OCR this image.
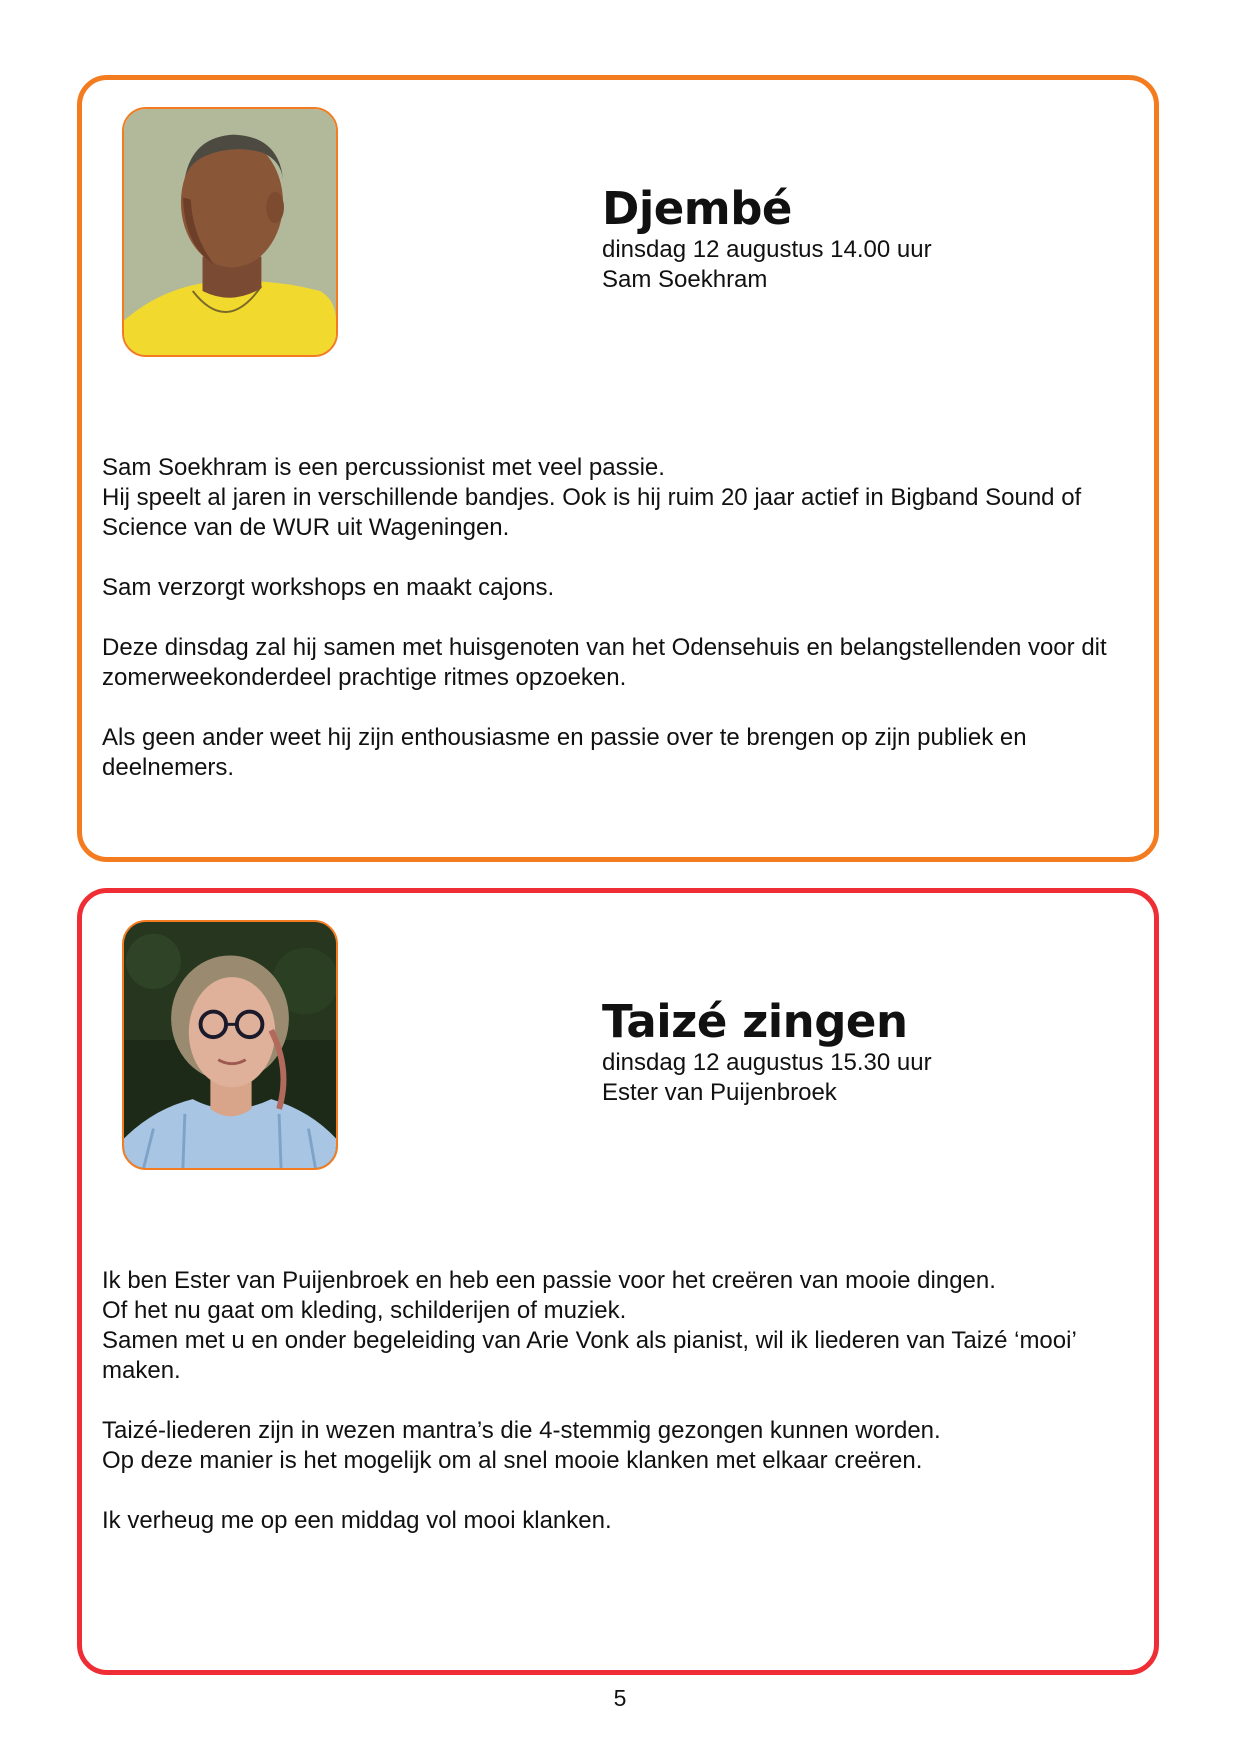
Djembé

dinsdag 12 augustus 14.00 uur

Sam Soekhram

Sam Soekhram is een percussionist met veel passie.
Hij speelt al jaren in verschillende bandjes. Ook is hij ruim 20 jaar actief in Bigband Sound of Science van de WUR uit Wageningen.

Sam verzorgt workshops en maakt cajons.

Deze dinsdag zal hij samen met huisgenoten van het Odensehuis en belangstellenden voor dit zomerweekonderdeel prachtige ritmes opzoeken.

Als geen ander weet hij zijn enthousiasme en passie over te brengen op zijn publiek en deelnemers.

Taizé zingen

dinsdag 12 augustus 15.30 uur

Ester van Puijenbroek

Ik ben Ester van Puijenbroek en heb een passie voor het creëren van mooie dingen.
Of het nu gaat om kleding, schilderijen of muziek.
Samen met u en onder begeleiding van Arie Vonk als pianist, wil ik liederen van Taizé ‘mooi’ maken.

Taizé-liederen zijn in wezen mantra’s die 4-stemmig gezongen kunnen worden.
Op deze manier is het mogelijk om al snel mooie klanken met elkaar creëren.

Ik verheug me op een middag vol mooi klanken.

5
